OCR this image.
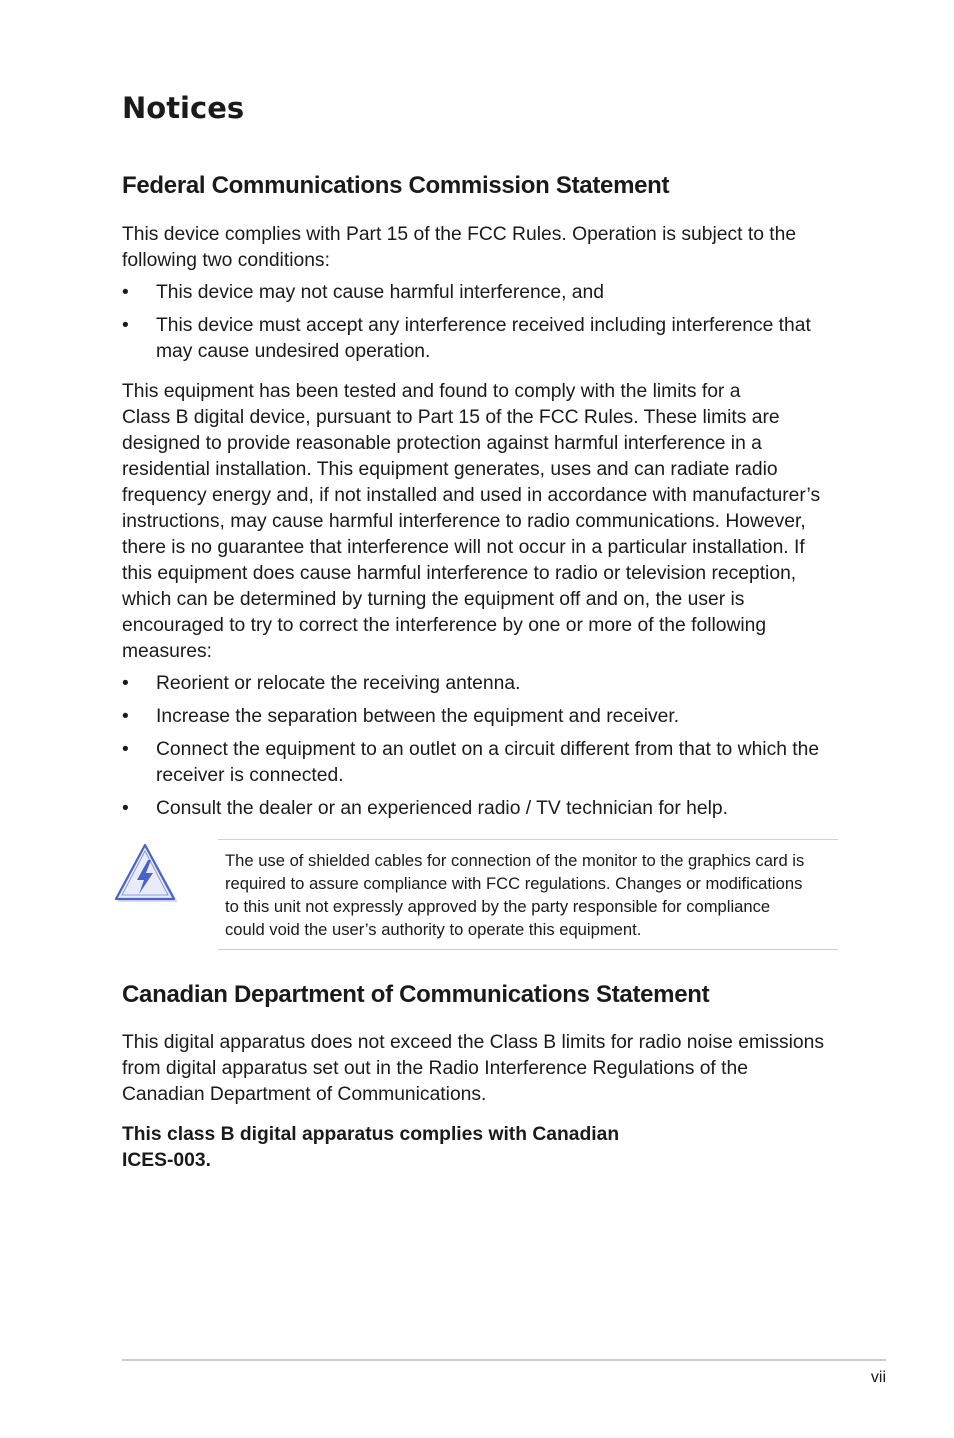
Notices
Federal Communications Commission Statement

This device complies with Part 15 of the FCC Rules. Operation is subject to the
following two conditions:

• This device may not cause harmful interference, and
• This device must accept any interference received including interference that
may cause undesired operation.

This equipment has been tested and found to comply with the limits for a
Class B digital device, pursuant to Part 15 of the FCC Rules. These limits are
designed to provide reasonable protection against harmful interference in a
residential installation. This equipment generates, uses and can radiate radio
frequency energy and, if not installed and used in accordance with manufacturer’s
instructions, may cause harmful interference to radio communications. However,
there is no guarantee that interference will not occur in a particular installation. If
this equipment does cause harmful interference to radio or television reception,
which can be determined by turning the equipment off and on, the user is
encouraged to try to correct the interference by one or more of the following
measures:

• Reorient or relocate the receiving antenna.
• Increase the separation between the equipment and receiver.
• Connect the equipment to an outlet on a circuit different from that to which the
receiver is connected.
• Consult the dealer or an experienced radio / TV technician for help.

The use of shielded cables for connection of the monitor to the graphics card is
required to assure compliance with FCC regulations. Changes or modifications
to this unit not expressly approved by the party responsible for compliance
could void the user’s authority to operate this equipment.

Canadian Department of Communications Statement

This digital apparatus does not exceed the Class B limits for radio noise emissions
from digital apparatus set out in the Radio Interference Regulations of the
Canadian Department of Communications.

This class B digital apparatus complies with Canadian
ICES-003.

vii
